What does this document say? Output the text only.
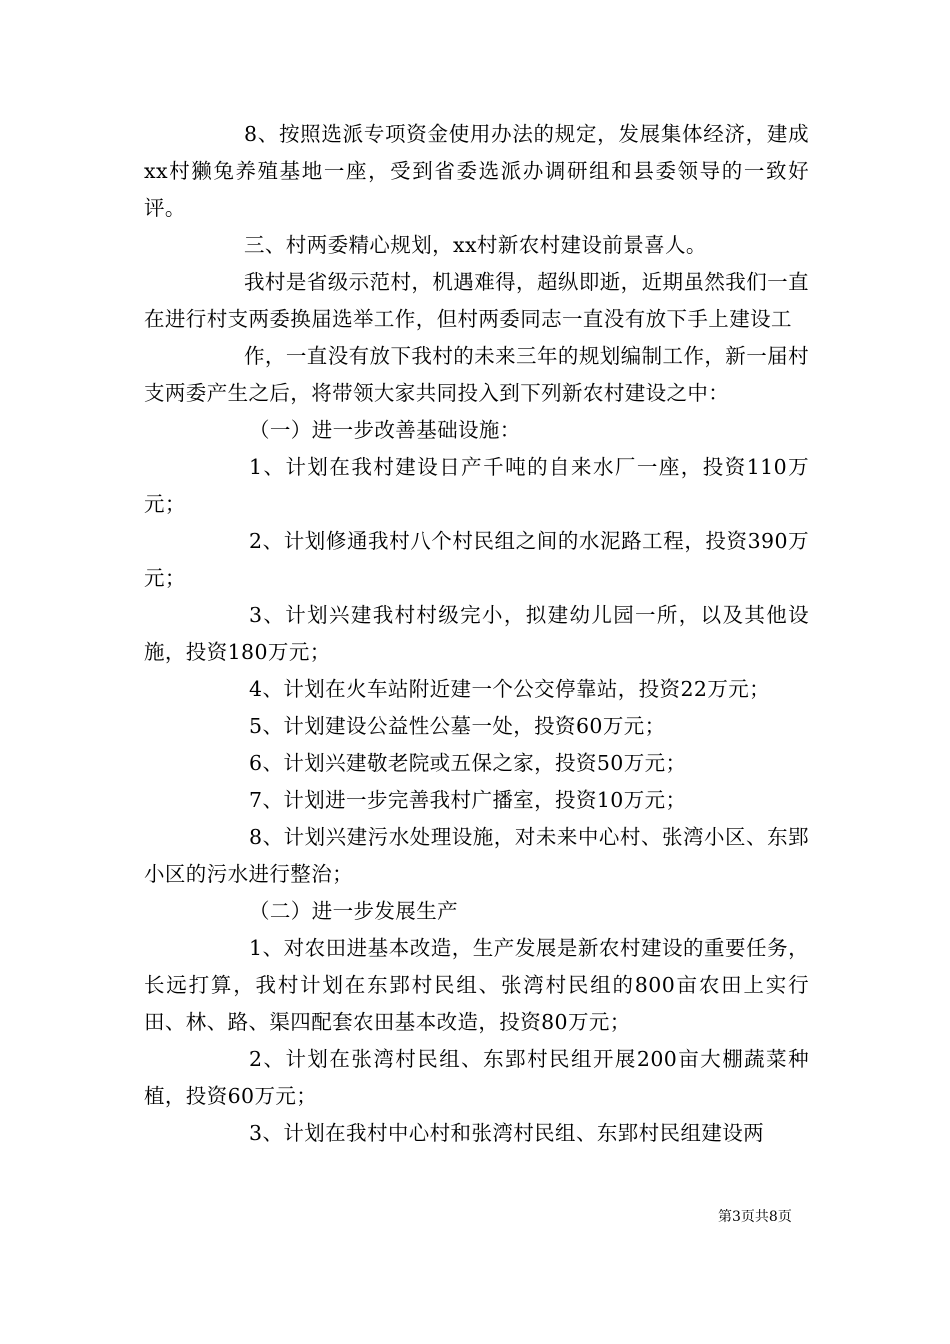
8、按照选派专项资金使用办法的规定，发展集体经济，建成xx村獭兔养殖基地一座，受到省委选派办调研组和县委领导的一致好评。

三、村两委精心规划，xx村新农村建设前景喜人。

我村是省级示范村，机遇难得，超纵即逝，近期虽然我们一直在进行村支两委换届选举工作，但村两委同志一直没有放下手上建设工

作，一直没有放下我村的未来三年的规划编制工作，新一届村支两委产生之后，将带领大家共同投入到下列新农村建设之中：

（一）进一步改善基础设施：

1、计划在我村建设日产千吨的自来水厂一座，投资110万元；

2、计划修通我村八个村民组之间的水泥路工程，投资390万元；

3、计划兴建我村村级完小，拟建幼儿园一所，以及其他设施，投资180万元；

4、计划在火车站附近建一个公交停靠站，投资22万元；

5、计划建设公益性公墓一处，投资60万元；

6、计划兴建敬老院或五保之家，投资50万元；

7、计划进一步完善我村广播室，投资10万元；

8、计划兴建污水处理设施，对未来中心村、张湾小区、东郢小区的污水进行整治；

（二）进一步发展生产

1、对农田进基本改造，生产发展是新农村建设的重要任务，长远打算，我村计划在东郢村民组、张湾村民组的800亩农田上实行田、林、路、渠四配套农田基本改造，投资80万元；

2、计划在张湾村民组、东郢村民组开展200亩大棚蔬菜种植，投资60万元；

3、计划在我村中心村和张湾村民组、东郢村民组建设两

第3页共8页
